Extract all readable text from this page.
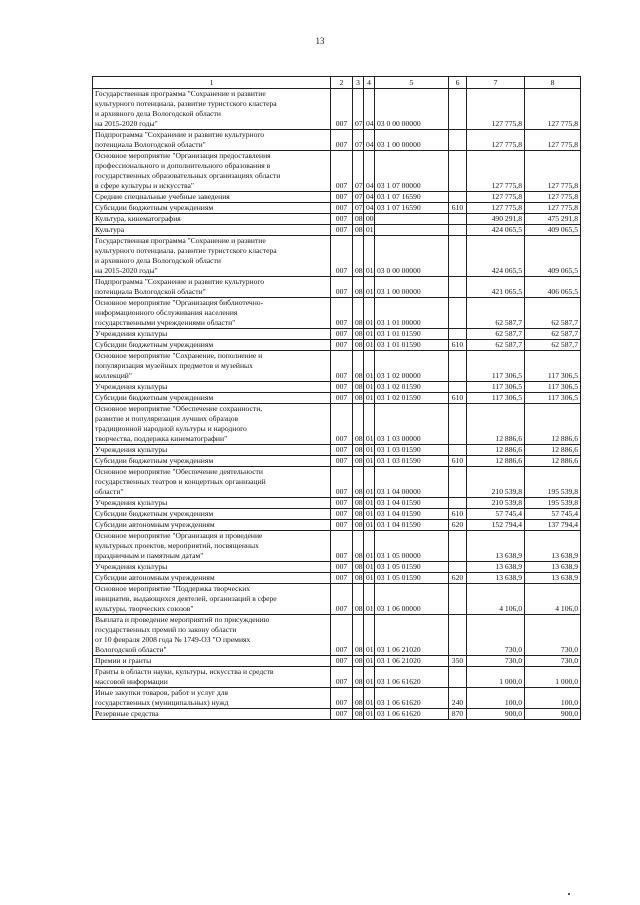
13
1	2	3	4	5	6	7	8
Государственная программа "Сохранение и развитие
культурного потенциала, развитие туристского кластера
и архивного дела Вологодской области
на 2015-2020 годы"	007	07	04	03 0 00 00000		127 775,8	127 775,8
Подпрограмма "Сохранение и развитие культурного
потенциала Вологодской области"	007	07	04	03 1 00 00000		127 775,8	127 775,8
Основное мероприятие "Организация предоставления
профессионального и дополнительного образования в
государственных образовательных организациях области
в сфере культуры и искусства"	007	07	04	03 1 07 00000		127 775,8	127 775,8
Средние специальные учебные заведения	007	07	04	03 1 07 16590		127 775,8	127 775,8
Субсидии бюджетным учреждениям	007	07	04	03 1 07 16590	610	127 775,8	127 775,8
Культура, кинематография	007	08	00			490 291,8	475 291,8
Культура	007	08	01			424 065,5	409 065,5
Государственная программа "Сохранение и развитие
культурного потенциала, развитие туристского кластера
и архивного дела Вологодской области
на 2015-2020 годы"	007	08	01	03 0 00 00000		424 065,5	409 065,5
Подпрограмма "Сохранение и развитие культурного
потенциала Вологодской области"	007	08	01	03 1 00 00000		421 065,5	406 065,5
Основное мероприятие "Организация библиотечно-
информационного обслуживания населения
государственными учреждениями области"	007	08	01	03 1 01 00000		62 587,7	62 587,7
Учреждения культуры	007	08	01	03 1 01 01590		62 587,7	62 587,7
Субсидии бюджетным учреждениям	007	08	01	03 1 01 01590	610	62 587,7	62 587,7
Основное мероприятие "Сохранение, пополнение и
популяризация музейных предметов и музейных
коллекций"	007	08	01	03 1 02 00000		117 306,5	117 306,5
Учреждения культуры	007	08	01	03 1 02 01590		117 306,5	117 306,5
Субсидии бюджетным учреждениям	007	08	01	03 1 02 01590	610	117 306,5	117 306,5
Основное мероприятие "Обеспечение сохранности,
развитие и популяризация лучших образцов
традиционной народной культуры и народного
творчества, поддержка кинематографии"	007	08	01	03 1 03 00000		12 886,6	12 886,6
Учреждения культуры	007	08	01	03 1 03 01590		12 886,6	12 886,6
Субсидии бюджетным учреждениям	007	08	01	03 1 03 01590	610	12 886,6	12 886,6
Основное мероприятие "Обеспечение деятельности
государственных театров и концертных организаций
области"	007	08	01	03 1 04 00000		210 539,8	195 539,8
Учреждения культуры	007	08	01	03 1 04 01590		210 539,8	195 539,8
Субсидии бюджетным учреждениям	007	08	01	03 1 04 01590	610	57 745,4	57 745,4
Субсидии автономным учреждениям	007	08	01	03 1 04 01590	620	152 794,4	137 794,4
Основное мероприятие "Организация и проведение
культурных проектов, мероприятий, посвященных
праздничным и памятным датам"	007	08	01	03 1 05 00000		13 638,9	13 638,9
Учреждения культуры	007	08	01	03 1 05 01590		13 638,9	13 638,9
Субсидии автономным учреждениям	007	08	01	03 1 05 01590	620	13 638,9	13 638,9
Основное мероприятие "Поддержка творческих
инициатив, выдающихся деятелей, организаций в сфере
культуры, творческих союзов"	007	08	01	03 1 06 00000		4 106,0	4 106,0
Выплата и проведение мероприятий по присуждению
государственных премий по закону области
от 10 февраля 2008 года № 1749-ОЗ "О премиях
Вологодской области"	007	08	01	03 1 06 21020		730,0	730,0
Премии и гранты	007	08	01	03 1 06 21020	350	730,0	730,0
Гранты в области науки, культуры, искусства и средств
массовой информации	007	08	01	03 1 06 61620		1 000,0	1 000,0
Иные закупки товаров, работ и услуг для
государственных (муниципальных) нужд	007	08	01	03 1 06 61620	240	100,0	100,0
Резервные средства	007	08	01	03 1 06 61620	870	900,0	900,0
